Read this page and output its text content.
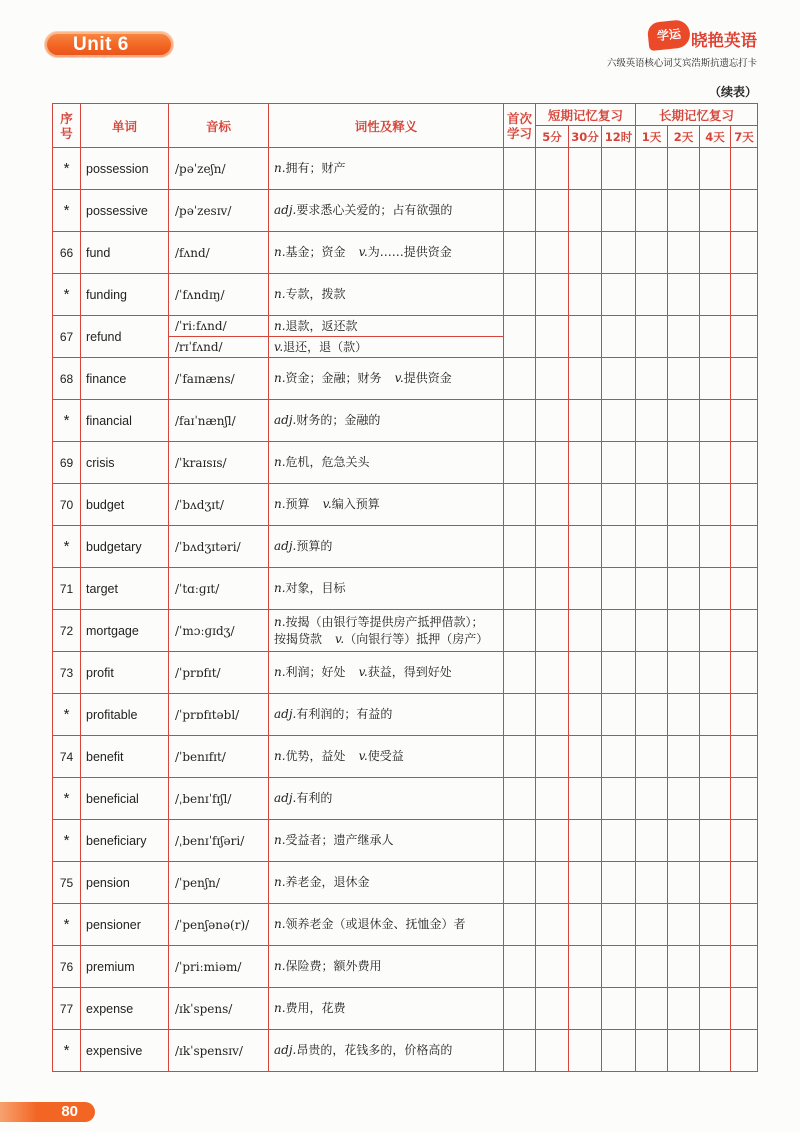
Unit 6	学运 晓艳英语
六级英语核心词艾宾浩斯抗遗忘打卡
（续表）
序号	单词	音标	词性及释义	首次学习	短期记忆复习			长期记忆复习			
					5分	30分	12时	1天	2天	4天	7天
*	possession	/pəˈzeʃn/	n.拥有；财产								

*	possessive	/pəˈzesɪv/	adj.要求悉心关爱的；占有欲强的								

66	fund	/fʌnd/	n.基金；资金 v.为……提供资金								

*	funding	/ˈfʌndɪŋ/	n.专款，拨款								

67	refund	/ˈriːfʌnd/	n.退款，返还款								

		/rɪˈfʌnd/	v.退还，退（款）								

68	finance	/ˈfaɪnæns/	n.资金；金融；财务 v.提供资金								

*	financial	/faɪˈnænʃl/	adj.财务的；金融的								

69	crisis	/ˈkraɪsɪs/	n.危机，危急关头								

70	budget	/ˈbʌdʒɪt/	n.预算 v.编入预算								

*	budgetary	/ˈbʌdʒɪtəri/	adj.预算的								

71	target	/ˈtɑːɡɪt/	n.对象，目标								

72	mortgage	/ˈmɔːɡɪdʒ/	n.按揭（由银行等提供房产抵押借款）；
按揭贷款 v.（向银行等）抵押（房产）								

73	profit	/ˈprɒfɪt/	n.利润；好处 v.获益，得到好处								

*	profitable	/ˈprɒfɪtəbl/	adj.有利润的；有益的								

74	benefit	/ˈbenɪfɪt/	n.优势，益处 v.使受益								

*	beneficial	/ˌbenɪˈfɪʃl/	adj.有利的								

*	beneficiary	/ˌbenɪˈfɪʃəri/	n.受益者；遗产继承人								

75	pension	/ˈpenʃn/	n.养老金，退休金								

*	pensioner	/ˈpenʃənə(r)/	n.领养老金（或退休金、抚恤金）者								

76	premium	/ˈpriːmiəm/	n.保险费；额外费用								

77	expense	/ɪkˈspens/	n.费用，花费								

*	expensive	/ɪkˈspensɪv/	adj.昂贵的，花钱多的，价格高的								

80
